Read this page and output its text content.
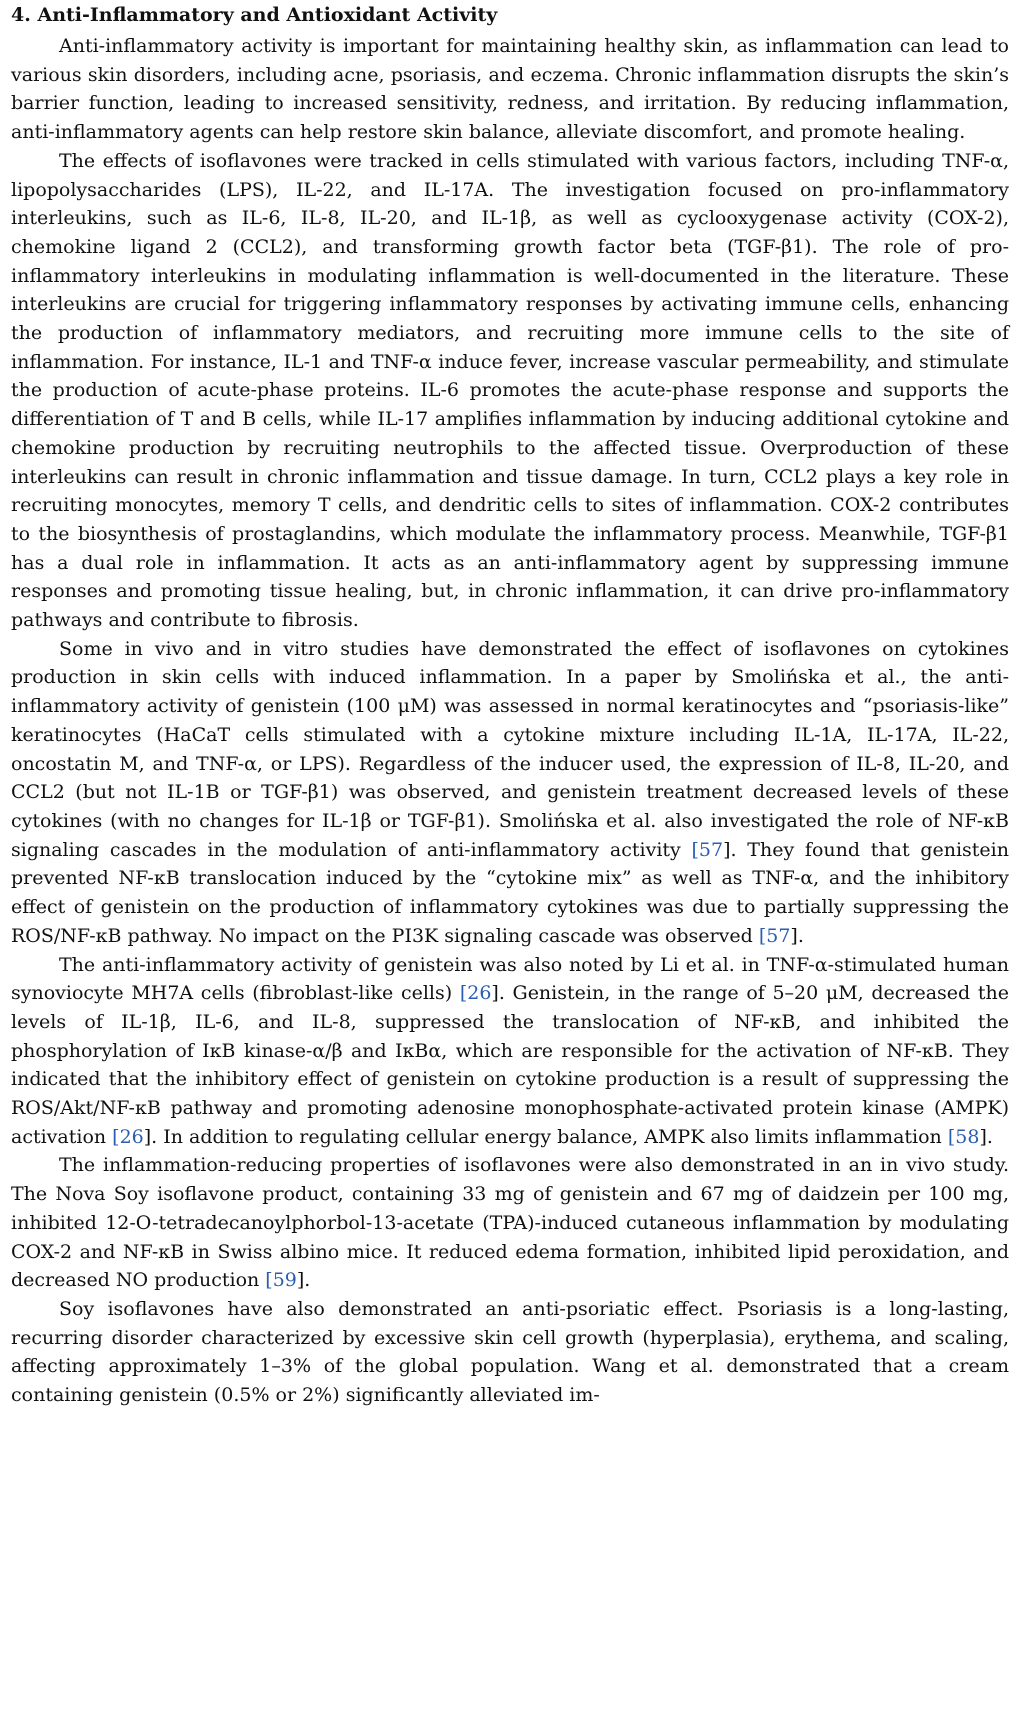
4. Anti-Inflammatory and Antioxidant Activity

Anti-inflammatory activity is important for maintaining healthy skin, as inflammation can lead to various skin disorders, including acne, psoriasis, and eczema. Chronic inflammation disrupts the skin’s barrier function, leading to increased sensitivity, redness, and irritation. By reducing inflammation, anti-inflammatory agents can help restore skin balance, alleviate discomfort, and promote healing.

The effects of isoflavones were tracked in cells stimulated with various factors, including TNF-α, lipopolysaccharides (LPS), IL-22, and IL-17A. The investigation focused on pro-inflammatory interleukins, such as IL-6, IL-8, IL-20, and IL-1β, as well as cyclooxygenase activity (COX-2), chemokine ligand 2 (CCL2), and transforming growth factor beta (TGF-β1). The role of pro-inflammatory interleukins in modulating inflammation is well-documented in the literature. These interleukins are crucial for triggering inflammatory responses by activating immune cells, enhancing the production of inflammatory mediators, and recruiting more immune cells to the site of inflammation. For instance, IL-1 and TNF-α induce fever, increase vascular permeability, and stimulate the production of acute-phase proteins. IL-6 promotes the acute-phase response and supports the differentiation of T and B cells, while IL-17 amplifies inflammation by inducing additional cytokine and chemokine production by recruiting neutrophils to the affected tissue. Overproduction of these interleukins can result in chronic inflammation and tissue damage. In turn, CCL2 plays a key role in recruiting monocytes, memory T cells, and dendritic cells to sites of inflammation. COX-2 contributes to the biosynthesis of prostaglandins, which modulate the inflammatory process. Meanwhile, TGF-β1 has a dual role in inflammation. It acts as an anti-inflammatory agent by suppressing immune responses and promoting tissue healing, but, in chronic inflammation, it can drive pro-inflammatory pathways and contribute to fibrosis.

Some in vivo and in vitro studies have demonstrated the effect of isoflavones on cytokines production in skin cells with induced inflammation. In a paper by Smolińska et al., the anti-inflammatory activity of genistein (100 μM) was assessed in normal keratinocytes and “psoriasis-like” keratinocytes (HaCaT cells stimulated with a cytokine mixture including IL-1A, IL-17A, IL-22, oncostatin M, and TNF-α, or LPS). Regardless of the inducer used, the expression of IL-8, IL-20, and CCL2 (but not IL-1B or TGF-β1) was observed, and genistein treatment decreased levels of these cytokines (with no changes for IL-1β or TGF-β1). Smolińska et al. also investigated the role of NF-κB signaling cascades in the modulation of anti-inflammatory activity [57]. They found that genistein prevented NF-κB translocation induced by the “cytokine mix” as well as TNF-α, and the inhibitory effect of genistein on the production of inflammatory cytokines was due to partially suppressing the ROS/NF-κB pathway. No impact on the PI3K signaling cascade was observed [57].

The anti-inflammatory activity of genistein was also noted by Li et al. in TNF-α-stimulated human synoviocyte MH7A cells (fibroblast-like cells) [26]. Genistein, in the range of 5–20 μM, decreased the levels of IL-1β, IL-6, and IL-8, suppressed the translocation of NF-κB, and inhibited the phosphorylation of IκB kinase-α/β and IκBα, which are responsible for the activation of NF-κB. They indicated that the inhibitory effect of genistein on cytokine production is a result of suppressing the ROS/Akt/NF-κB pathway and promoting adenosine monophosphate-activated protein kinase (AMPK) activation [26]. In addition to regulating cellular energy balance, AMPK also limits inflammation [58].

The inflammation-reducing properties of isoflavones were also demonstrated in an in vivo study. The Nova Soy isoflavone product, containing 33 mg of genistein and 67 mg of daidzein per 100 mg, inhibited 12-O-tetradecanoylphorbol-13-acetate (TPA)-induced cutaneous inflammation by modulating COX-2 and NF-κB in Swiss albino mice. It reduced edema formation, inhibited lipid peroxidation, and decreased NO production [59].

Soy isoflavones have also demonstrated an anti-psoriatic effect. Psoriasis is a long-lasting, recurring disorder characterized by excessive skin cell growth (hyperplasia), erythema, and scaling, affecting approximately 1–3% of the global population. Wang et al. demonstrated that a cream containing genistein (0.5% or 2%) significantly alleviated im-
